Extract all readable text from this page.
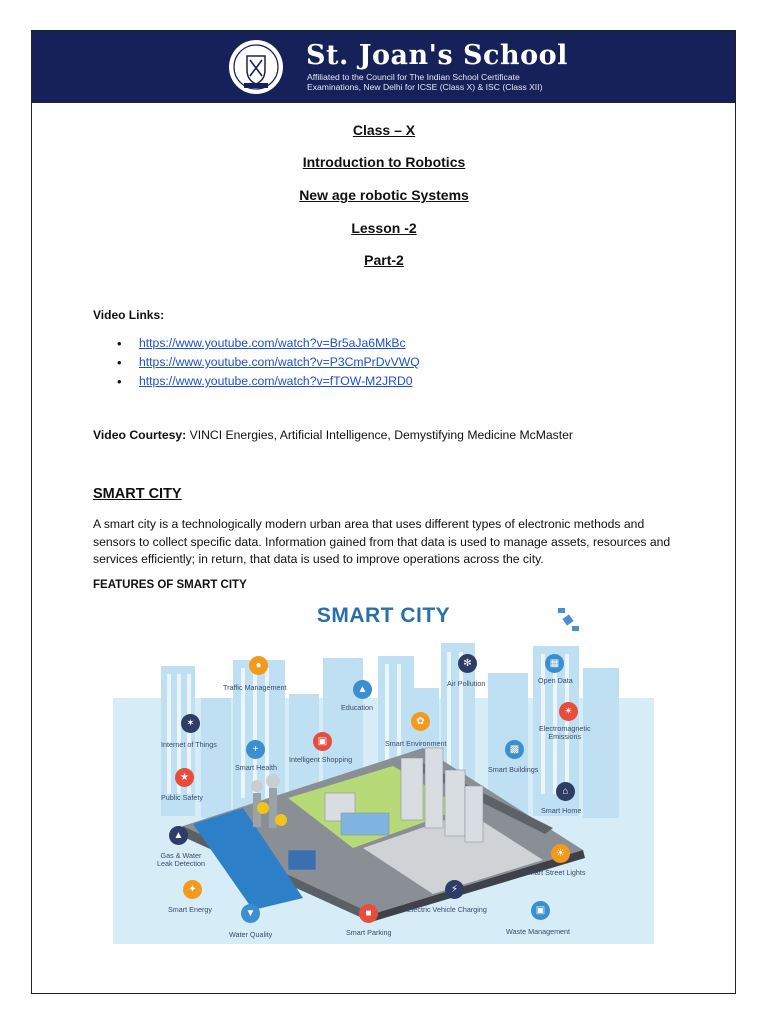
St. Joan's School
Affiliated to the Council for The Indian School Certificate
Examinations, New Delhi for ICSE (Class X) & ISC (Class XII)
Class – X
Introduction to Robotics
New age robotic Systems
Lesson -2
Part-2
Video Links:
• https://www.youtube.com/watch?v=Br5aJa6MkBc
• https://www.youtube.com/watch?v=P3CmPrDvVWQ
• https://www.youtube.com/watch?v=fTOW-M2JRD0
Video Courtesy: VINCI Energies, Artificial Intelligence, Demystifying Medicine McMaster
SMART CITY
A smart city is a technologically modern urban area that uses different types of electronic methods and sensors to collect specific data. Information gained from that data is used to manage assets, resources and services efficiently; in return, that data is used to improve operations across the city.
FEATURES OF SMART CITY
SMART CITY
●
Traffic Management	▲
Education
✻
Air Pollution
▦
Open Data
✶
Internet of Things	+
Smart Health
▣
Intelligent Shopping
✿
Smart Environment
✴
Electromagnetic
Emissions
▩
Smart Buildings
★
Public Safety
⌂
Smart Home
▲
Gas & Water
Leak Detection
☀
Smart Street Lights
✦
Smart Energy
⚡
Electric Vehicle Charging
▼
Water Quality
■
Smart Parking
▣
Waste Management
